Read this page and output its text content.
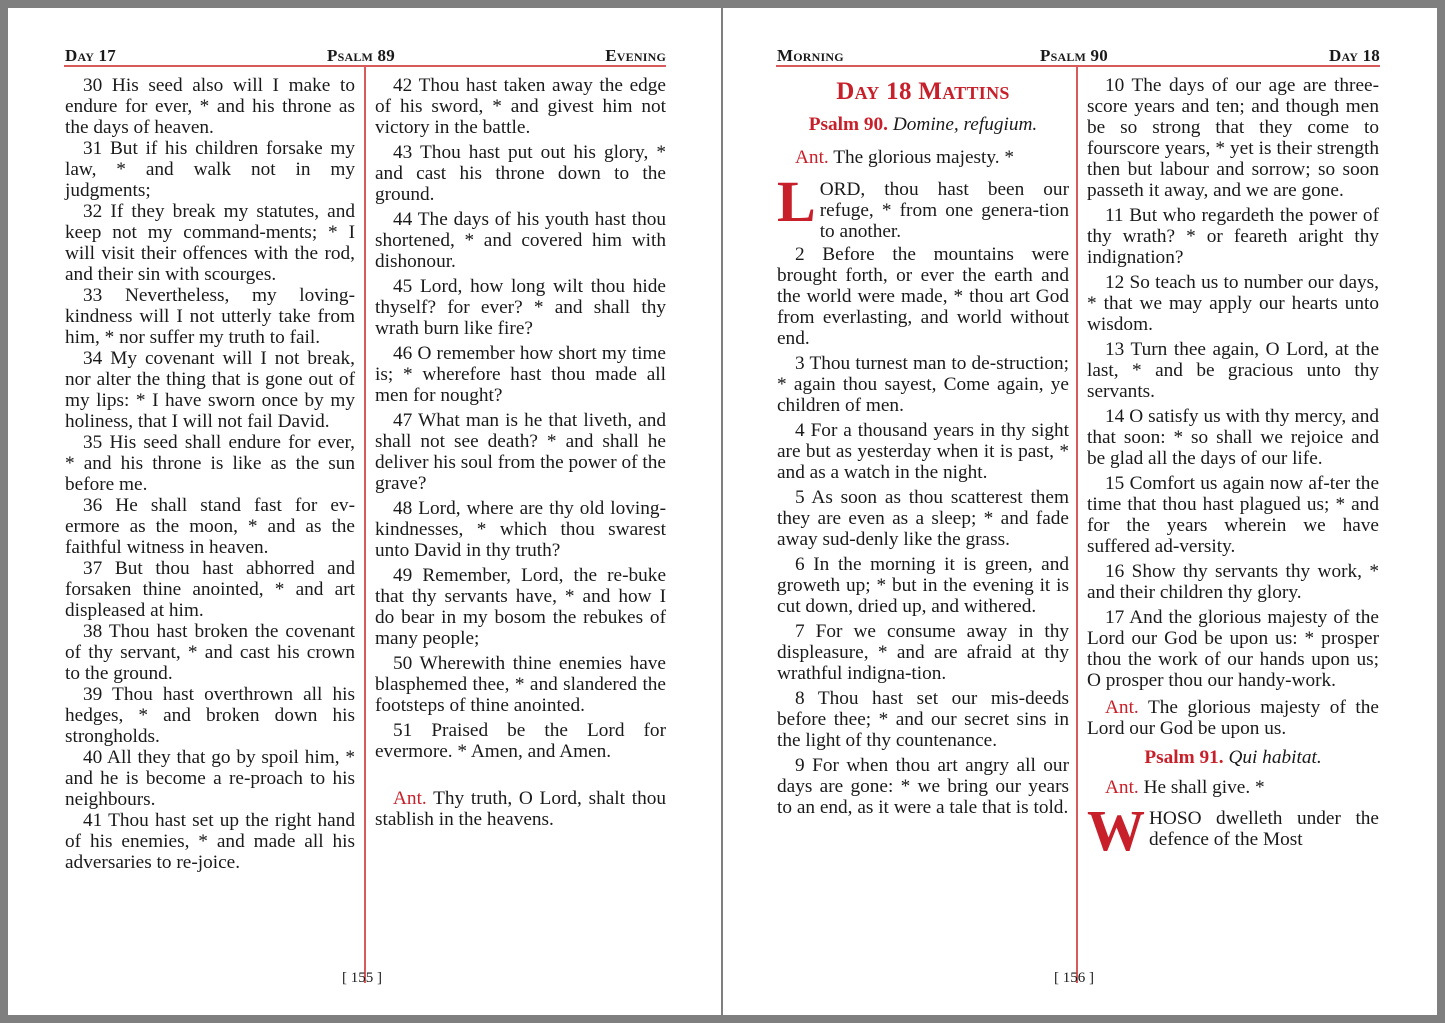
Day 17	Psalm 89	Evening

30 His seed also will I make to endure for ever, * and his throne as the days of heaven.

31 But if his children forsake my law, * and walk not in my judgments;

32 If they break my statutes, and keep not my command-ments; * I will visit their offences with the rod, and their sin with scourges.

33 Nevertheless, my loving-kindness will I not utterly take from him, * nor suffer my truth to fail.

34 My covenant will I not break, nor alter the thing that is gone out of my lips: * I have sworn once by my holiness, that I will not fail David.

35 His seed shall endure for ever, * and his throne is like as the sun before me.

36 He shall stand fast for ev-ermore as the moon, * and as the faithful witness in heaven.

37 But thou hast abhorred and forsaken thine anointed, * and art displeased at him.

38 Thou hast broken the covenant of thy servant, * and cast his crown to the ground.

39 Thou hast overthrown all his hedges, * and broken down his strongholds.

40 All they that go by spoil him, * and he is become a re-proach to his neighbours.

41 Thou hast set up the right hand of his enemies, * and made all his adversaries to re-joice.

42 Thou hast taken away the edge of his sword, * and givest him not victory in the battle.

43 Thou hast put out his glory, * and cast his throne down to the ground.

44 The days of his youth hast thou shortened, * and covered him with dishonour.

45 Lord, how long wilt thou hide thyself? for ever? * and shall thy wrath burn like fire?

46 O remember how short my time is; * wherefore hast thou made all men for nought?

47 What man is he that liveth, and shall not see death? * and shall he deliver his soul from the power of the grave?

48 Lord, where are thy old loving-kindnesses, * which thou swarest unto David in thy truth?

49 Remember, Lord, the re-buke that thy servants have, * and how I do bear in my bosom the rebukes of many people;

50 Wherewith thine enemies have blasphemed thee, * and slandered the footsteps of thine anointed.

51 Praised be the Lord for evermore. * Amen, and Amen.

Ant. Thy truth, O Lord, shalt thou stablish in the heavens.

[ 155 ]
Morning	Psalm 90	Day 18

Day 18 Mattins

Psalm 90. Domine, refugium.

Ant. The glorious majesty. *

L ORD, thou hast been our refuge, * from one genera-tion to another.

2 Before the mountains were brought forth, or ever the earth and the world were made, * thou art God from everlasting, and world without end.

3 Thou turnest man to de-struction; * again thou sayest, Come again, ye children of men.

4 For a thousand years in thy sight are but as yesterday when it is past, * and as a watch in the night.

5 As soon as thou scatterest them they are even as a sleep; * and fade away sud-denly like the grass.

6 In the morning it is green, and groweth up; * but in the evening it is cut down, dried up, and withered.

7 For we consume away in thy displeasure, * and are afraid at thy wrathful indigna-tion.

8 Thou hast set our mis-deeds before thee; * and our secret sins in the light of thy countenance.

9 For when thou art angry all our days are gone: * we bring our years to an end, as it were a tale that is told.

10 The days of our age are three-score years and ten; and though men be so strong that they come to fourscore years, * yet is their strength then but labour and sorrow; so soon passeth it away, and we are gone.

11 But who regardeth the power of thy wrath? * or feareth aright thy indignation?

12 So teach us to number our days, * that we may apply our hearts unto wisdom.

13 Turn thee again, O Lord, at the last, * and be gracious unto thy servants.

14 O satisfy us with thy mercy, and that soon: * so shall we rejoice and be glad all the days of our life.

15 Comfort us again now af-ter the time that thou hast plagued us; * and for the years wherein we have suffered ad-versity.

16 Show thy servants thy work, * and their children thy glory.

17 And the glorious majesty of the Lord our God be upon us: * prosper thou the work of our hands upon us; O prosper thou our handy-work.

Ant. The glorious majesty of the Lord our God be upon us.

Psalm 91. Qui habitat.

Ant. He shall give. *

W HOSO dwelleth under the defence of the Most

[ 156 ]
